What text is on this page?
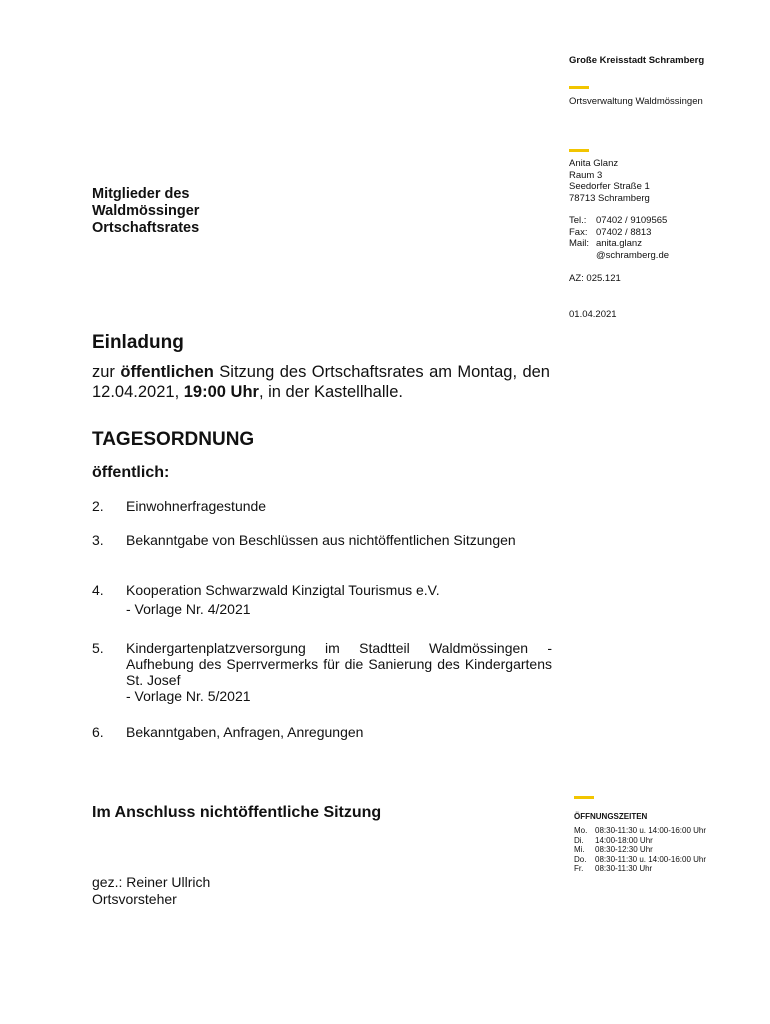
Große Kreisstadt Schramberg
Ortsverwaltung Waldmössingen
Anita Glanz
Raum 3
Seedorfer Straße 1
78713 Schramberg
Tel.:	07402 / 9109565
Fax: 07402 / 8813
Mail: anita.glanz
@schramberg.de
AZ: 025.121
01.04.2021
Mitglieder des
Waldmössinger
Ortschaftsrates
Einladung
zur öffentlichen Sitzung des Ortschaftsrates am Montag, den 12.04.2021, 19:00 Uhr, in der Kastellhalle.
TAGESORDNUNG
öffentlich:
2. Einwohnerfragestunde
3. Bekanntgabe von Beschlüssen aus nichtöffentlichen Sitzungen
4. Kooperation Schwarzwald Kinzigtal Tourismus e.V.
- Vorlage Nr. 4/2021
5. Kindergartenplatzversorgung im Stadtteil Waldmössingen - Aufhebung des Sperrvermerks für die Sanierung des Kindergartens St. Josef
- Vorlage Nr. 5/2021
6. Bekanntgaben, Anfragen, Anregungen
Im Anschluss nichtöffentliche Sitzung
gez.: Reiner Ullrich
Ortsvorsteher
ÖFFNUNGSZEITEN
Mo. 08:30-11:30 u. 14:00-16:00 Uhr
Di.	14:00-18:00 Uhr
Mi.	08:30-12:30 Uhr
Do.	08:30-11:30 u. 14:00-16:00 Uhr
Fr.	08:30-11:30 Uhr
